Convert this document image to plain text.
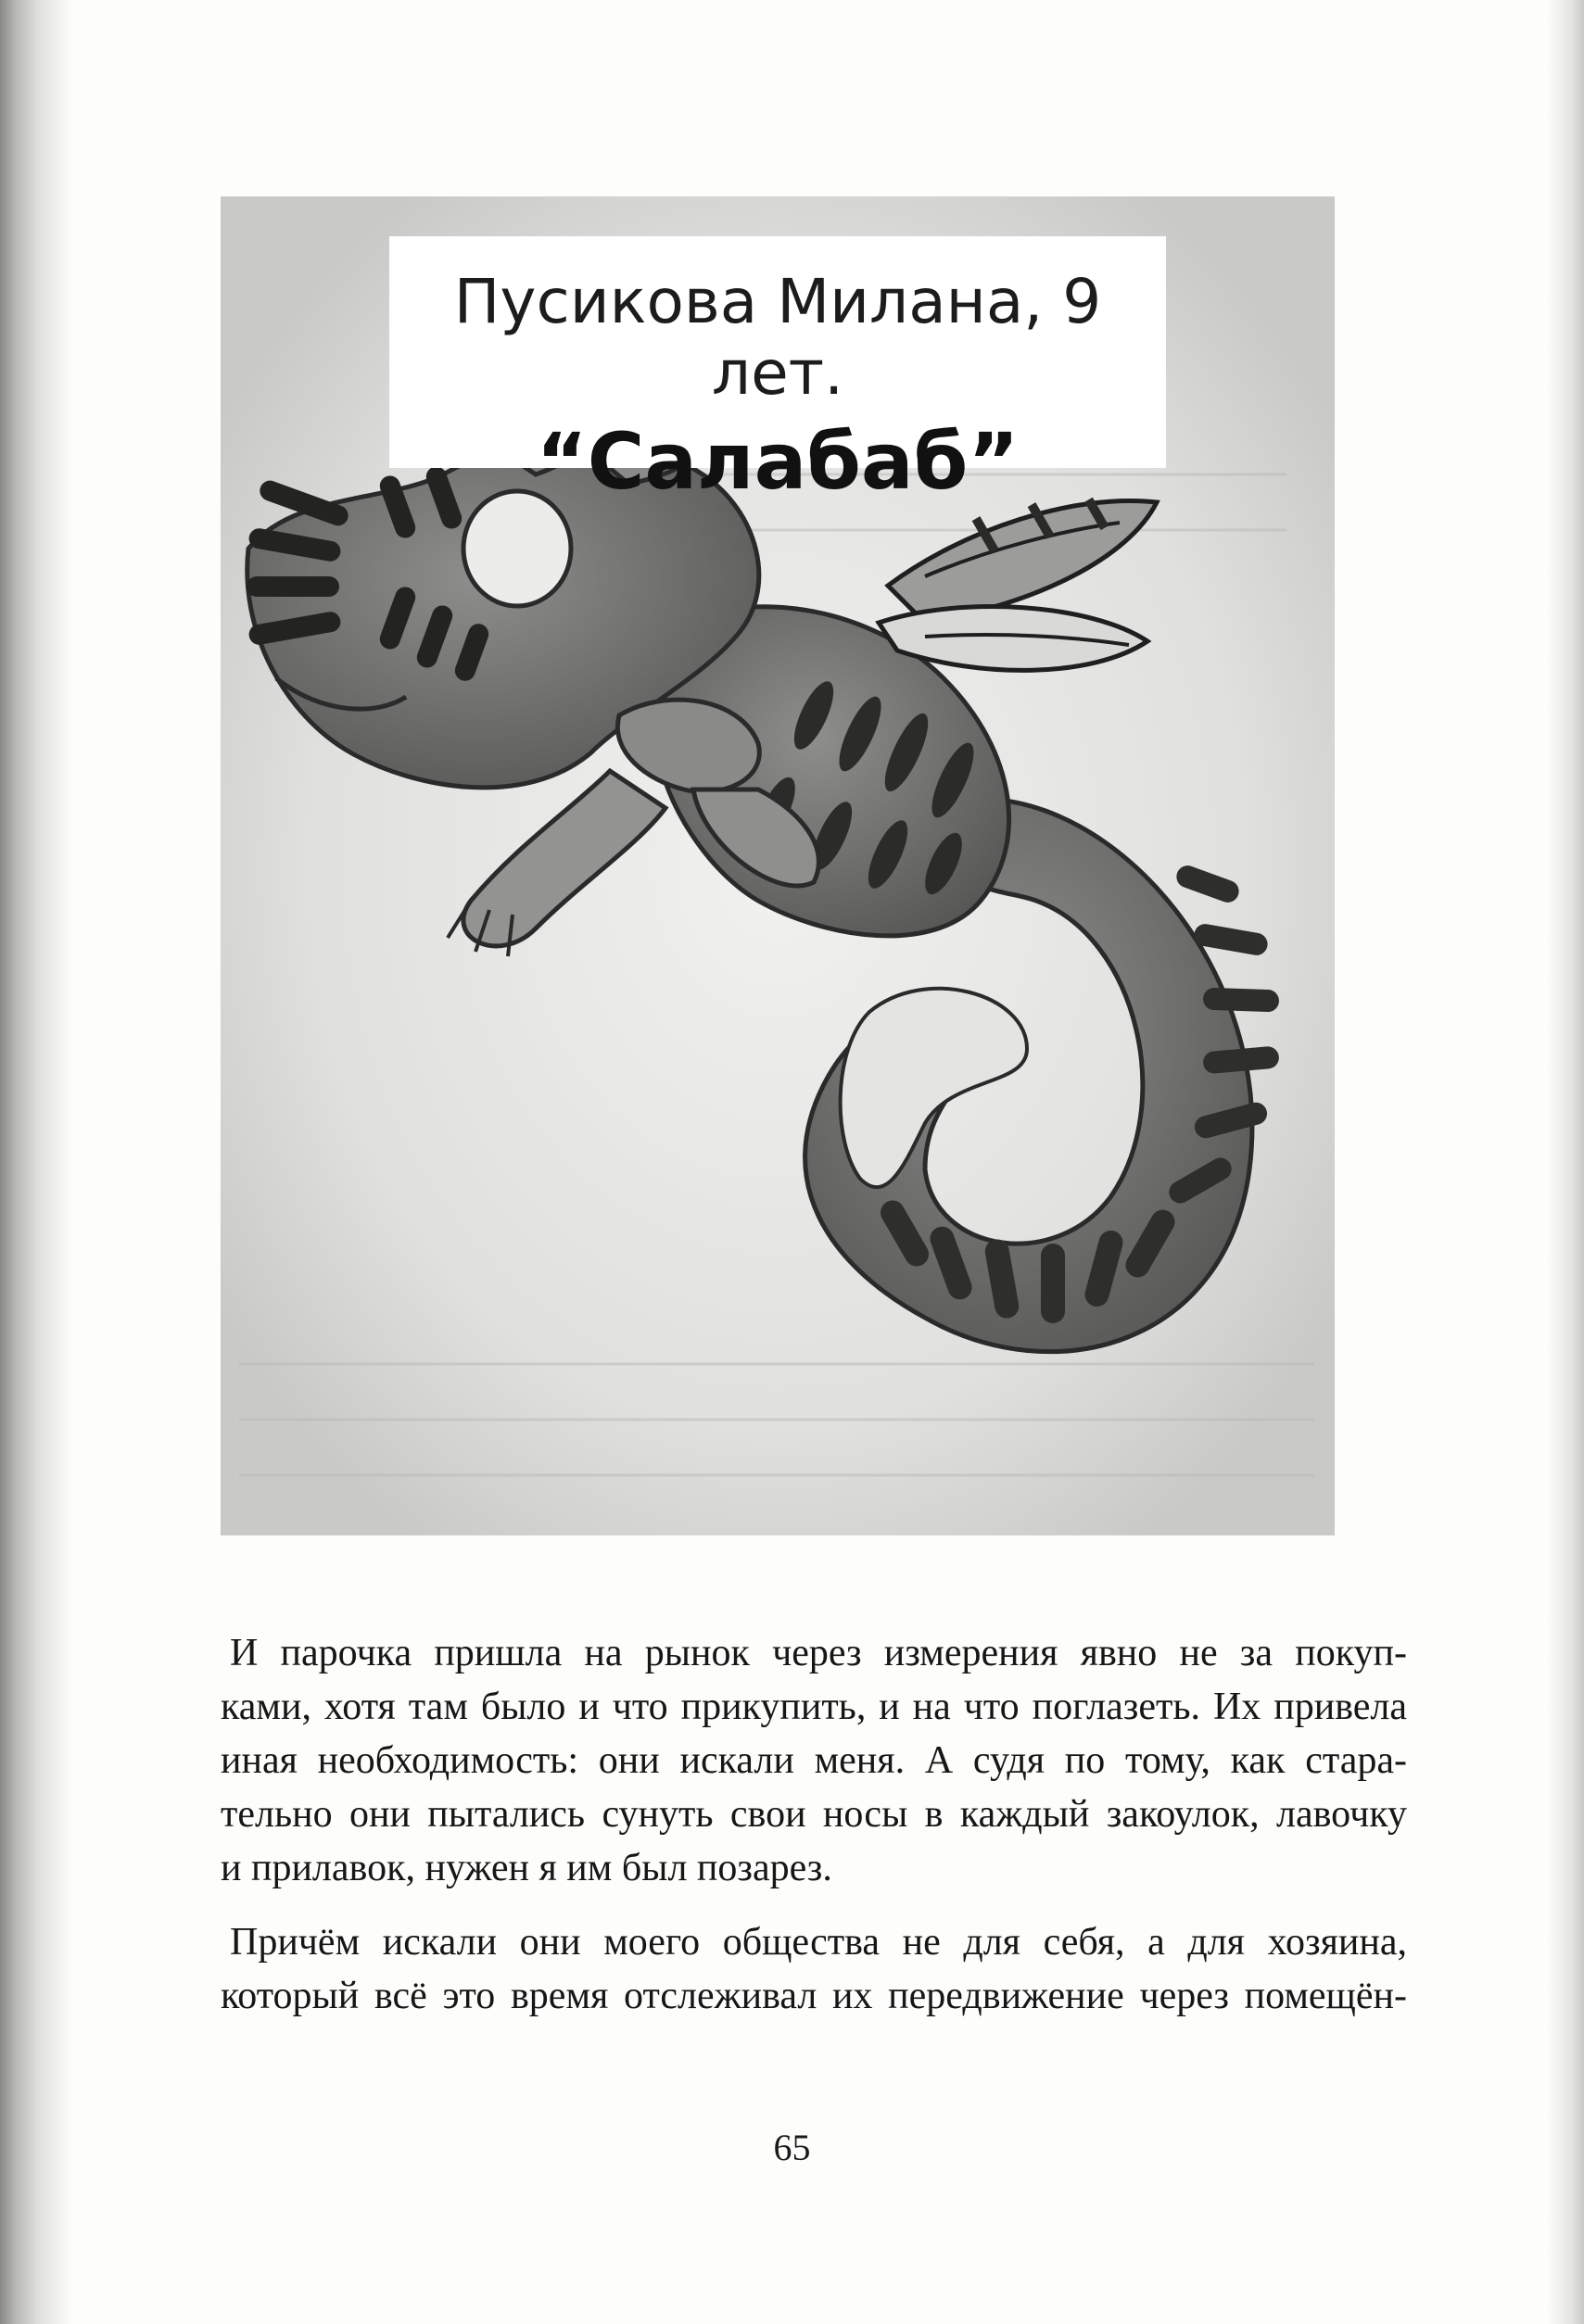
Пусикова Милана, 9 лет.
“Салабаб”

И парочка пришла на рынок через измерения явно не за покуп-
ками, хотя там было и что прикупить, и на что поглазеть. Их привела
иная необходимость: они искали меня. А судя по тому, как стара-
тельно они пытались сунуть свои носы в каждый закоулок, лавочку
и прилавок, нужен я им был позарез.

Причём искали они моего общества не для себя, а для хозяина,
который всё это время отслеживал их передвижение через помещён-

65
